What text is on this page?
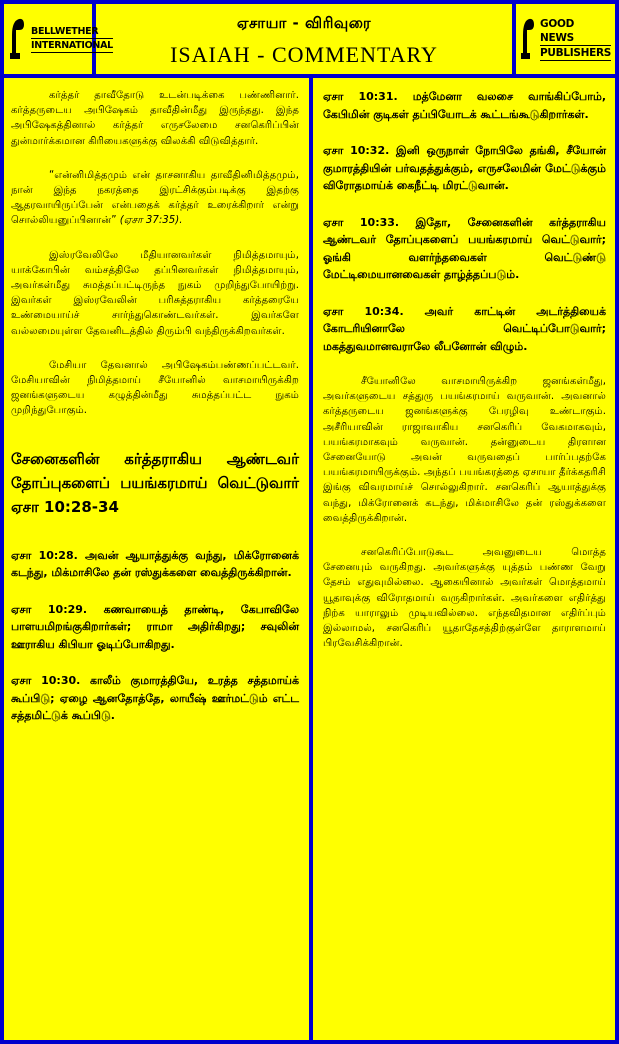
BELLWETHER
INTERNATIONAL
ஏசாயா - விரிவுரை
ISAIAH - COMMENTARY
GOOD NEWS
PUBLISHERS

கர்த்தர் தாவீதோடு உடன்படிக்கை பண்ணினார். கர்த்தருடைய அபிஷேகம் தாவீதின்மீது இருந்தது. இந்த அபிஷேகத்தினால் கர்த்தர் எருசலேமை சனகெரிப்பின் துன்மார்க்கமான கிரியைகளுக்கு விலக்கி விடுவித்தார்.

“என்னிமித்தமும் என் தாசனாகிய தாவீதினிமித்தமும், நான் இந்த நகரத்தை இரட்சிக்கும்படிக்கு இதற்கு ஆதரவாயிருப்பேன் என்பதைக் கர்த்தர் உரைக்கிறார் என்று சொல்லியனுப்பினான்” (ஏசா 37:35).

இஸ்ரவேலிலே மீதியானவர்கள் நிமித்தமாயும், யாக்கோபின் வம்சத்திலே தப்பினவர்கள் நிமித்தமாயும், அவர்கள்மீது சுமத்தப்பட்டிருந்த நுகம் முறிந்துபோயிற்று. இவர்கள் இஸ்ரவேலின் பரிசுத்தராகிய கர்த்தரையே உண்மையாய்ச் சார்ந்துகொண்டவர்கள். இவர்களே வல்லமையுள்ள தேவனிடத்தில் திரும்பி வந்திருக்கிறவர்கள்.

மேசியா தேவனால் அபிஷேகம்பண்ணப்பட்டவர். மேசியாவின் நிமித்தமாய் சீயோனில் வாசமாயிருக்கிற ஜனங்களுடைய கழுத்தின்மீது சுமத்தப்பட்ட நுகம் முறிந்துபோகும்.

சேனைகளின் கர்த்தராகிய ஆண்டவர் தோப்புகளைப் பயங்கரமாய் வெட்டுவார் ஏசா 10:28-34

ஏசா 10:28. அவன் ஆயாத்துக்கு வந்து, மிக்ரோனைக் கடந்து, மிக்மாசிலே தன் ரஸ்துக்களை வைத்திருக்கிறான்.

ஏசா 10:29. கணவாயைத் தாண்டி, கேபாவிலே பாளயமிறங்குகிறார்கள்; ராமா அதிர்கிறது; சவுலின் ஊராகிய கிபியா ஓடிப்போகிறது.

ஏசா 10:30. காலீம் குமாரத்தியே, உரத்த சத்தமாய்க் கூப்பிடு; ஏழை ஆனதோத்தே, லாயீஷ் ஊர்மட்டும் எட்ட சத்தமிட்டுக் கூப்பிடு.

ஏசா 10:31. மத்மேனா வலசை வாங்கிப்போம், கேபிமின் குடிகள் தப்பியோடக் கூட்டங்கூடுகிறார்கள்.

ஏசா 10:32. இனி ஒருநாள் நோபிலே தங்கி, சீயோன் குமாரத்தியின் பர்வதத்துக்கும், எருசலேமின் மேட்டுக்கும் விரோதமாய்க் கைநீட்டி மிரட்டுவான்.

ஏசா 10:33. இதோ, சேனைகளின் கர்த்தராகிய ஆண்டவர் தோப்புகளைப் பயங்கரமாய் வெட்டுவார்; ஓங்கி வளர்ந்தவைகள் வெட்டுண்டு மேட்டிமையானவைகள் தாழ்த்தப்படும்.

ஏசா 10:34. அவர் காட்டின் அடர்த்தியைக் கோடரியினாலே வெட்டிப்போடுவார்; மகத்துவமானவராலே லீபனோன் விழும்.

சீயோனிலே வாசமாயிருக்கிற ஜனங்கள்மீது, அவர்களுடைய சத்துரு பயங்கரமாய் வருவான். அவனால் கர்த்தருடைய ஜனங்களுக்கு பேரழிவு உண்டாகும். அசீரியாவின் ராஜாவாகிய சனகெரிப் வேகமாகவும், பயங்கரமாகவும் வருவான். தன்னுடைய திரளான சேனையோடு அவன் வருவதைப் பார்ப்பதற்கே பயங்கரமாயிருக்கும். அந்தப் பயங்கரத்தை ஏசாயா தீர்க்கதரிசி இங்கு விவரமாய்ச் சொல்லுகிறார். சனகெரிப் ஆயாத்துக்கு வந்து, மிக்ரோனைக் கடந்து, மிக்மாசிலே தன் ரஸ்துக்களை வைத்திருக்கிறான்.

சனகெரிப்போடுகூட அவனுடைய மொத்த சேனையும் வருகிறது. அவர்களுக்கு யுத்தம் பண்ண வேறு தேசம் எதுவுமில்லை. ஆகையினால் அவர்கள் மொத்தமாய் யூதாவுக்கு விரோதமாய் வருகிறார்கள். அவர்களை எதிர்த்து நிற்க யாராலும் முடியவில்லை. எந்தவிதமான எதிர்ப்பும் இல்லாமல், சனகெரிப் யூதாதேசத்திற்குள்ளே தாராளமாய் பிரவேசிக்கிறான்.
